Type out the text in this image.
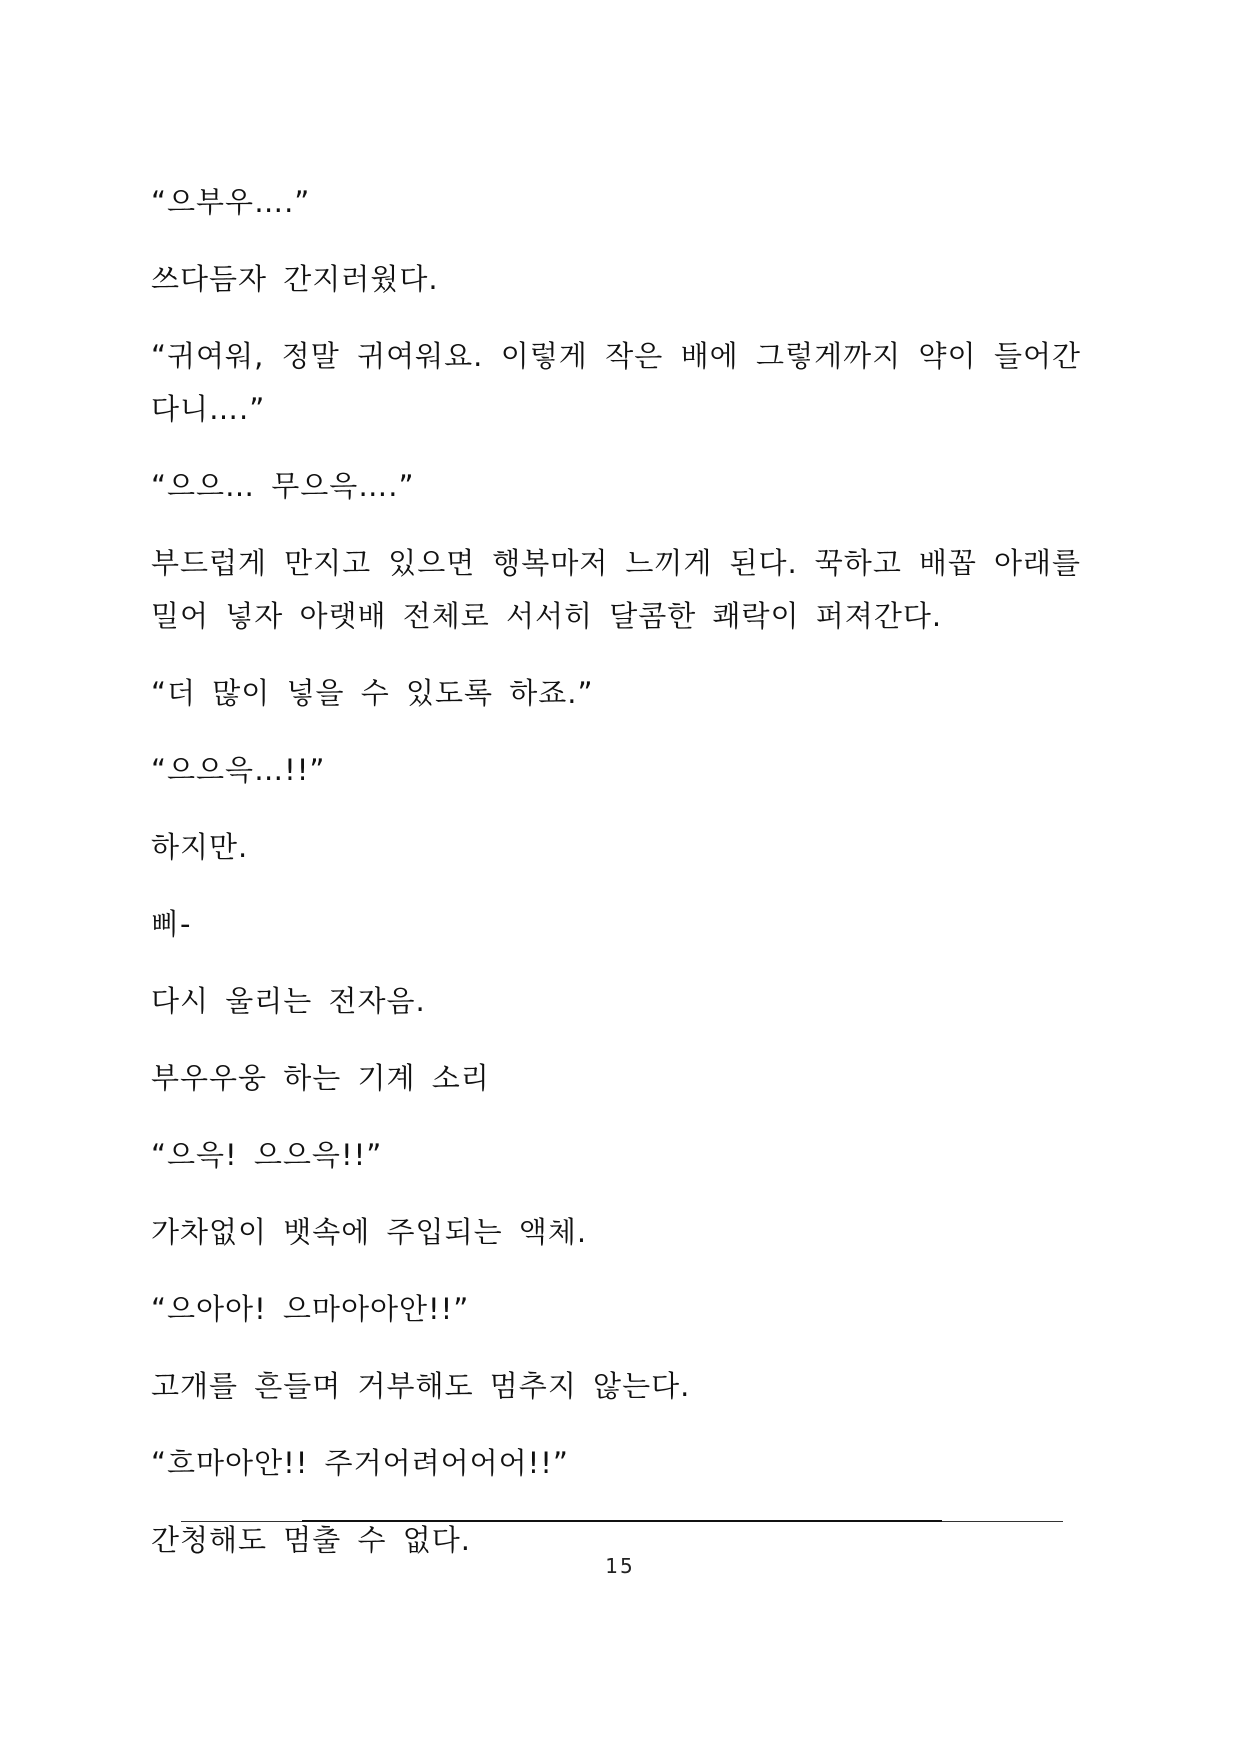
“으부우….”

쓰다듬자 간지러웠다.

“귀여워, 정말 귀여워요. 이렇게 작은 배에 그렇게까지 약이 들어간다니….”

“으으… 무으윽….”

부드럽게 만지고 있으면 행복마저 느끼게 된다. 꾹하고 배꼽 아래를 밀어 넣자 아랫배 전체로 서서히 달콤한 쾌락이 퍼져간다.

“더 많이 넣을 수 있도록 하죠.”

“으으윽…!!”

하지만.

삐-

다시 울리는 전자음.

부우우웅 하는 기계 소리

“으윽! 으으윽!!”

가차없이 뱃속에 주입되는 액체.

“으아아! 으마아아안!!”

고개를 흔들며 거부해도 멈추지 않는다.

“흐마아안!! 주거어려어어어!!”

간청해도 멈출 수 없다.

15
